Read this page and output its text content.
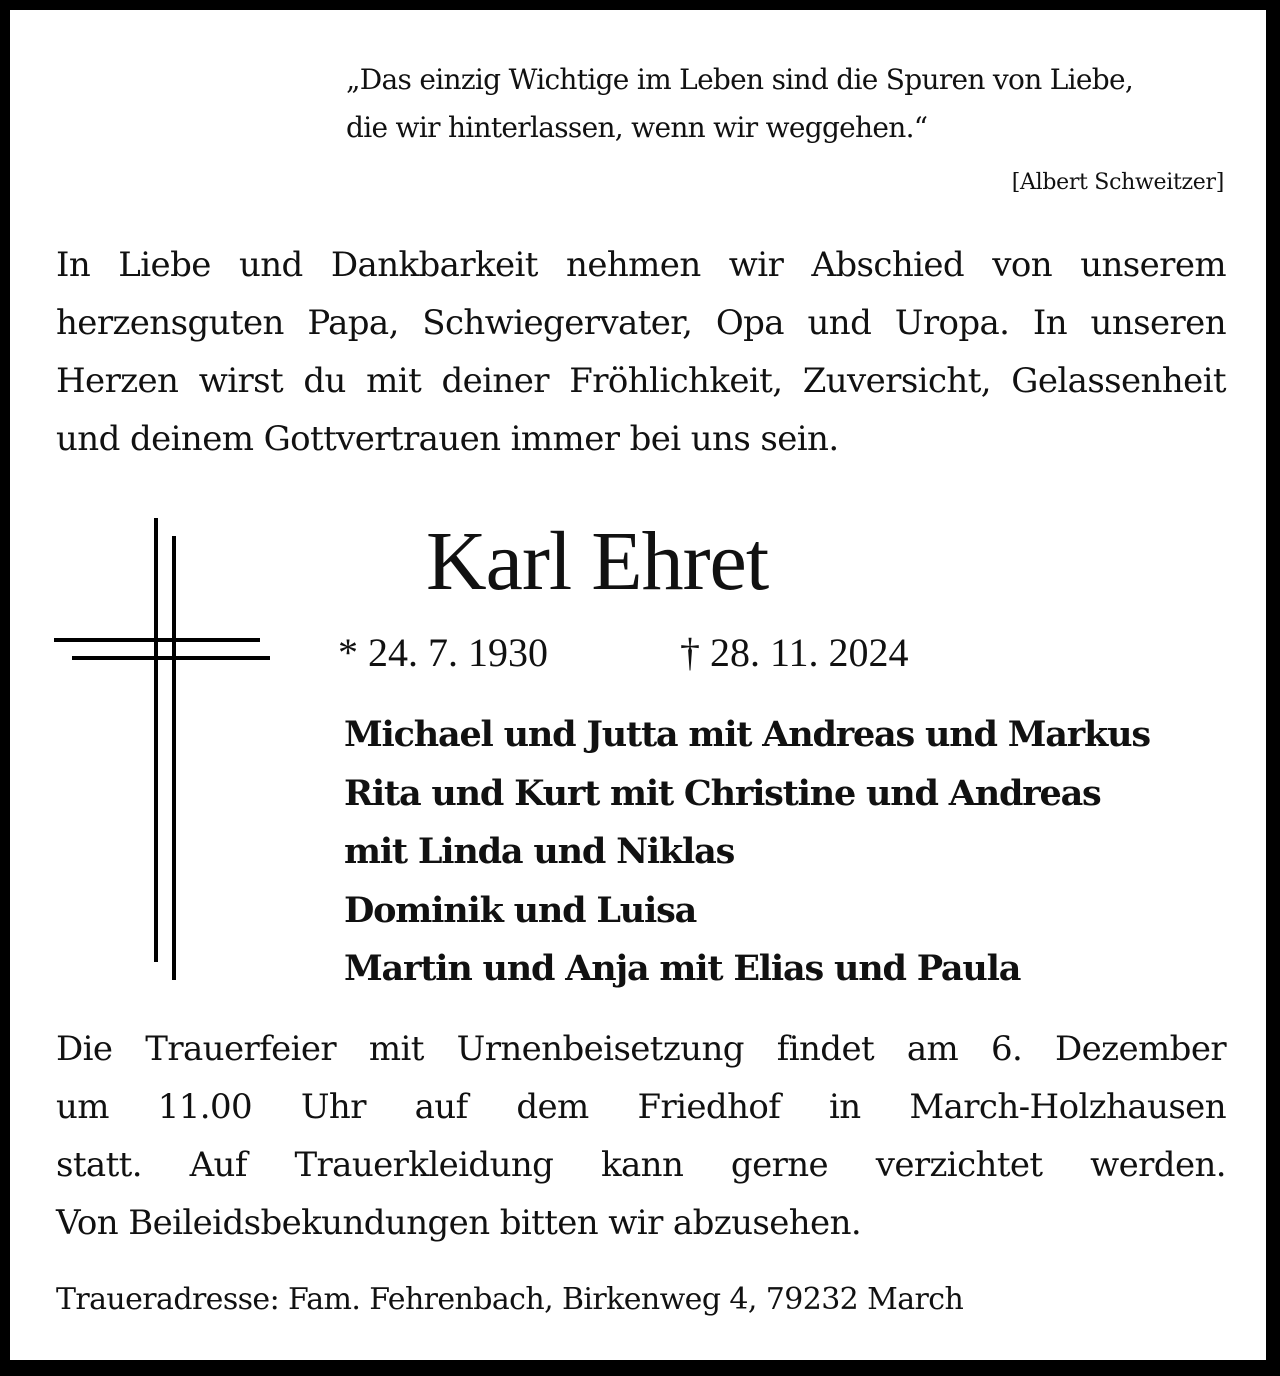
„Das einzig Wichtige im Leben sind die Spuren von Liebe,
die wir hinterlassen, wenn wir weggehen.“
[Albert Schweitzer]
In Liebe und Dankbarkeit nehmen wir Abschied von unserem
herzensguten Papa, Schwiegervater, Opa und Uropa. In unseren
Herzen wirst du mit deiner Fröhlichkeit, Zuversicht, Gelassenheit
und deinem Gottvertrauen immer bei uns sein.
Karl Ehret
* 24. 7. 1930	† 28. 11. 2024
Michael und Jutta mit Andreas und Markus
Rita und Kurt mit Christine und Andreas
mit Linda und Niklas
Dominik und Luisa
Martin und Anja mit Elias und Paula
Die Trauerfeier mit Urnenbeisetzung findet am 6. Dezember
um 11.00 Uhr auf dem Friedhof in March-Holzhausen
statt. Auf Trauerkleidung kann gerne verzichtet werden.
Von Beileidsbekundungen bitten wir abzusehen.
Traueradresse: Fam. Fehrenbach, Birkenweg 4, 79232 March
